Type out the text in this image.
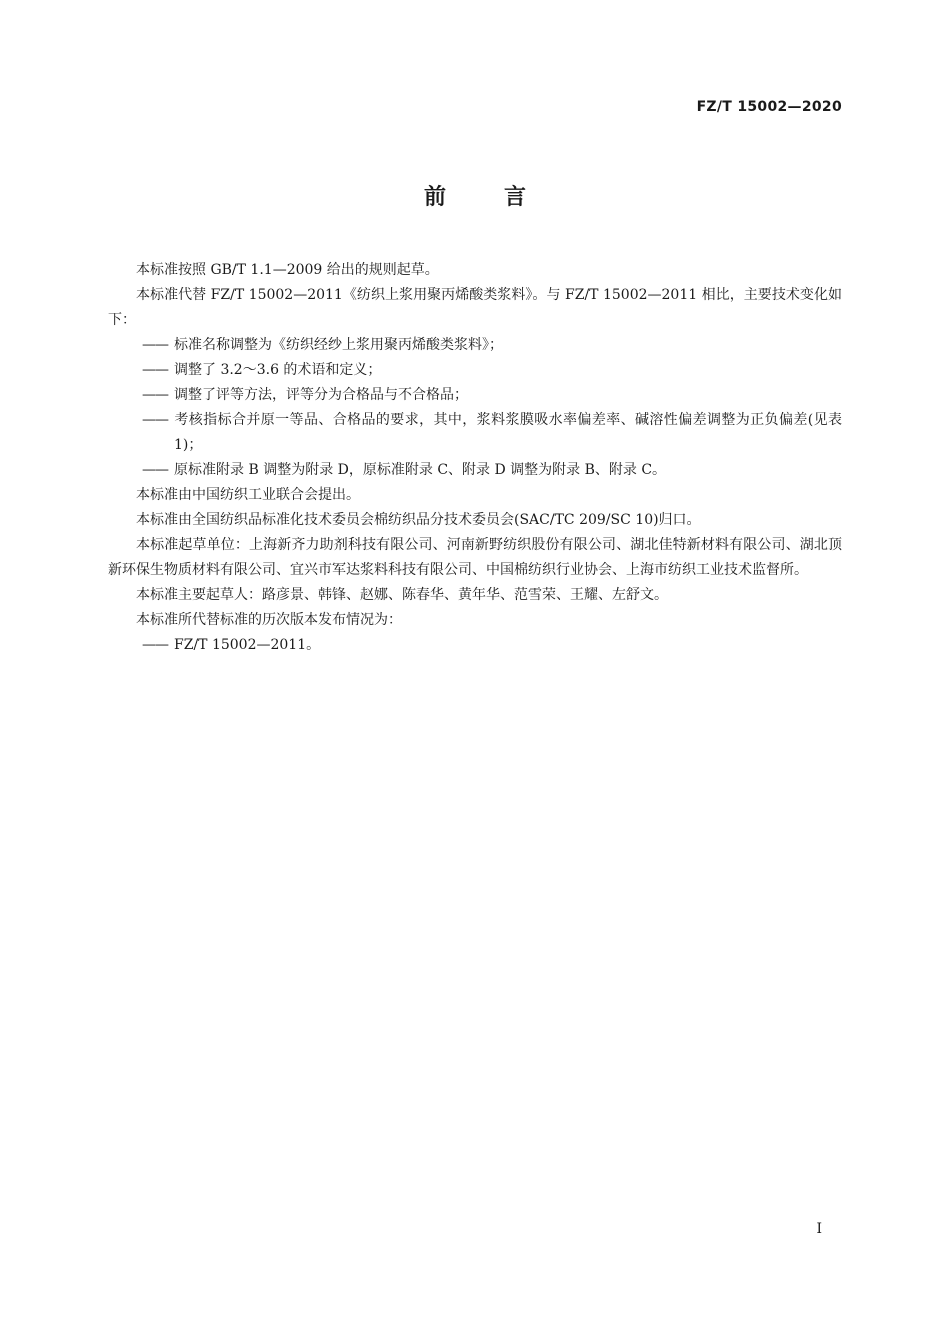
FZ/T 15002—2020
前言

本标准按照 GB/T 1.1—2009 给出的规则起草。

本标准代替 FZ/T 15002—2011《纺织上浆用聚丙烯酸类浆料》。与 FZ/T 15002—2011 相比，主要技术变化如下：

—— 标准名称调整为《纺织经纱上浆用聚丙烯酸类浆料》；

—— 调整了 3.2～3.6 的术语和定义；

—— 调整了评等方法，评等分为合格品与不合格品；

—— 考核指标合并原一等品、合格品的要求，其中，浆料浆膜吸水率偏差率、碱溶性偏差调整为正负偏差(见表 1)；

—— 原标准附录 B 调整为附录 D，原标准附录 C、附录 D 调整为附录 B、附录 C。

本标准由中国纺织工业联合会提出。

本标准由全国纺织品标准化技术委员会棉纺织品分技术委员会(SAC/TC 209/SC 10)归口。

本标准起草单位：上海新齐力助剂科技有限公司、河南新野纺织股份有限公司、湖北佳特新材料有限公司、湖北顶新环保生物质材料有限公司、宜兴市军达浆料科技有限公司、中国棉纺织行业协会、上海市纺织工业技术监督所。

本标准主要起草人：路彦景、韩锋、赵娜、陈春华、黄年华、范雪荣、王耀、左舒文。

本标准所代替标准的历次版本发布情况为：

—— FZ/T 15002—2011。

I
